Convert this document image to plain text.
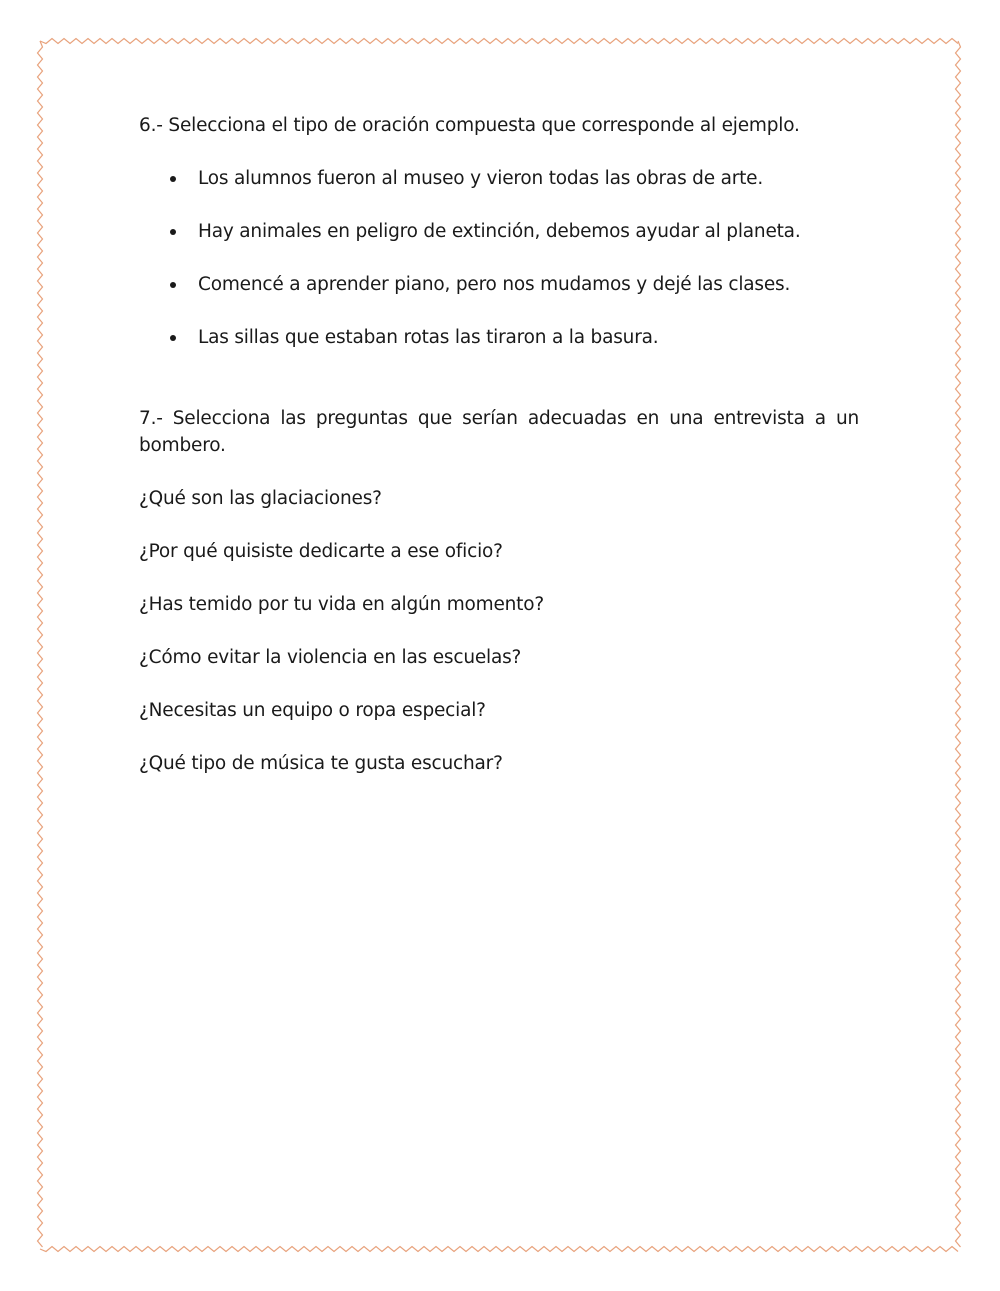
6.- Selecciona el tipo de oración compuesta que corresponde al ejemplo.

Los alumnos fueron al museo y vieron todas las obras de arte.
Hay animales en peligro de extinción, debemos ayudar al planeta.
Comencé a aprender piano, pero nos mudamos y dejé las clases.
Las sillas que estaban rotas las tiraron a la basura.

7.- Selecciona las preguntas que serían adecuadas en una entrevista a un bombero.

¿Qué son las glaciaciones?
¿Por qué quisiste dedicarte a ese oficio?
¿Has temido por tu vida en algún momento?
¿Cómo evitar la violencia en las escuelas?
¿Necesitas un equipo o ropa especial?
¿Qué tipo de música te gusta escuchar?
